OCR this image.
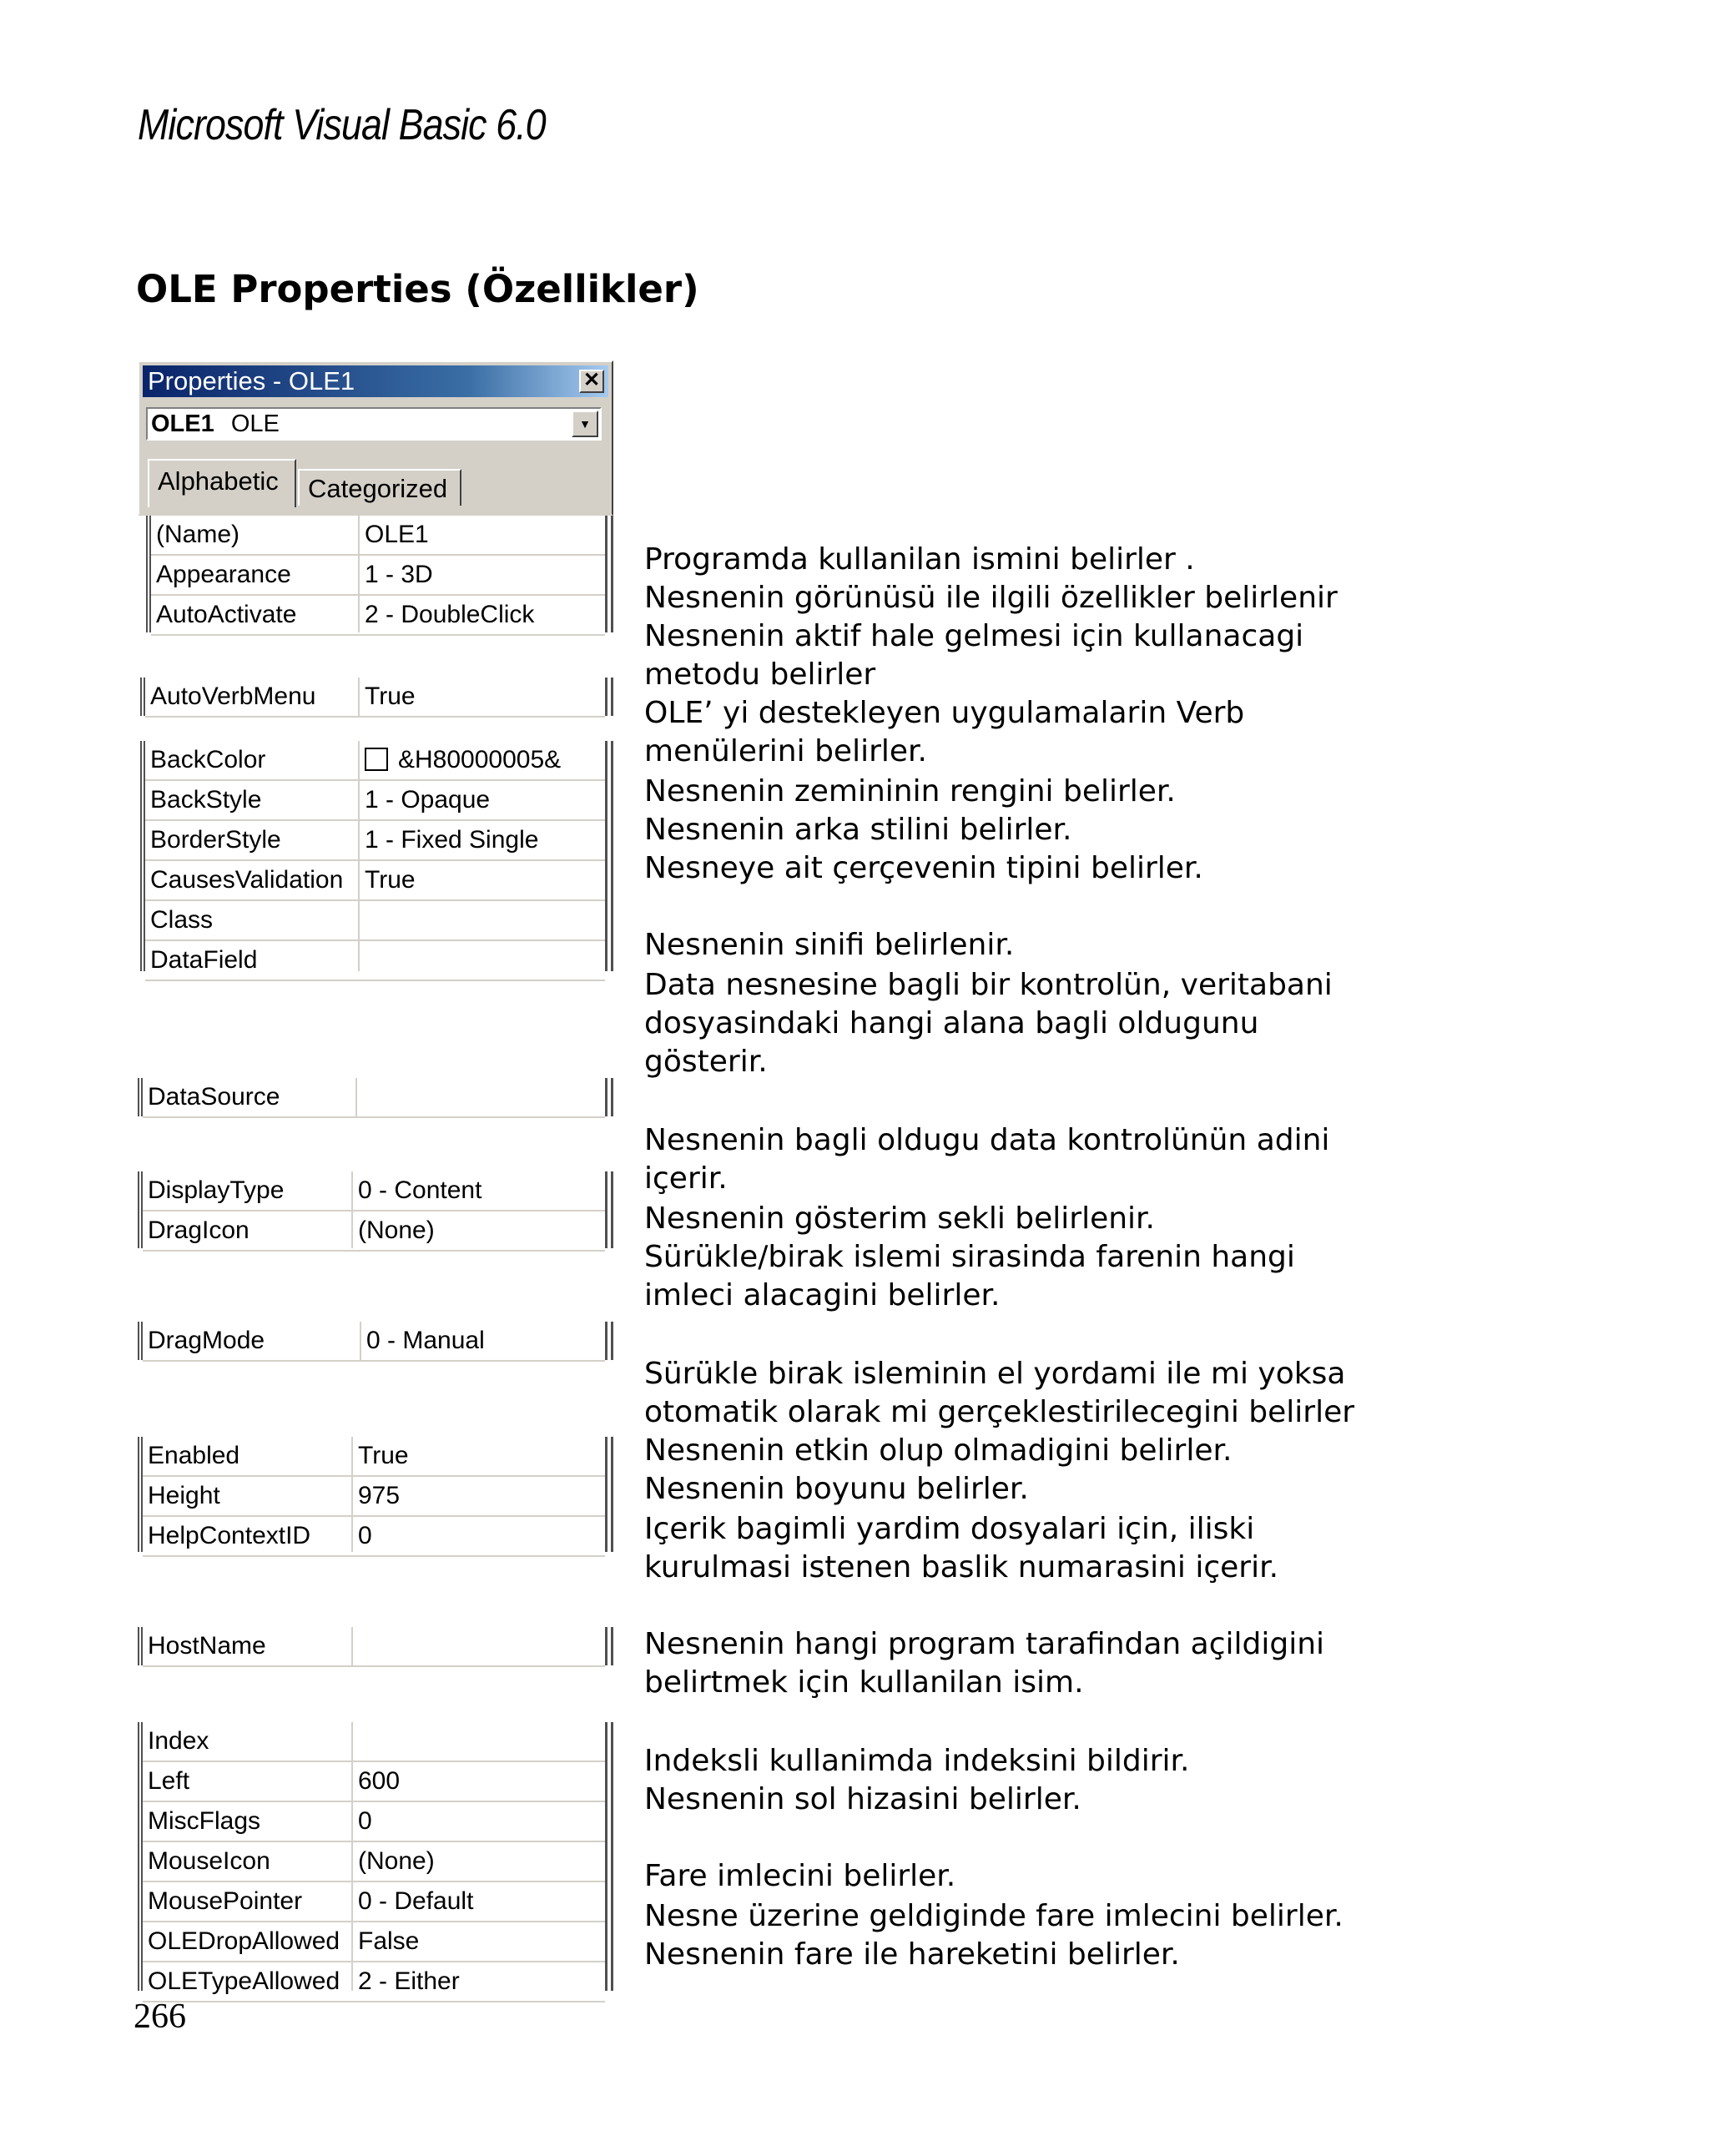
Microsoft Visual Basic 6.0
OLE Properties (Özellikler)
Properties - OLE1	✕
OLE1 OLE	▼
Alphabetic	Categorized
(Name)	OLE1
Appearance	1 - 3D
AutoActivate	2 - DoubleClick
AutoVerbMenu True
BackColor	&H80000005&
BackStyle	1 - Opaque
BorderStyle	1 - Fixed Single
CausesValidation True
Class
DataField
DataSource
DisplayType	0 - Content
DragIcon	(None)
DragMode	0 - Manual
Enabled	True
Height	975
HelpContextID 0
HostName
Index
Left	600
MiscFlags	0
MouseIcon	(None)
MousePointer 0 - Default
OLEDropAllowed False
OLETypeAllowed 2 - Either
Programda kullanilan ismini belirler .
Nesnenin görünüsü ile ilgili özellikler belirlenir
Nesnenin aktif hale gelmesi için kullanacagi
metodu belirler
OLE’ yi destekleyen uygulamalarin Verb
menülerini belirler.
Nesnenin zemininin rengini belirler.
Nesnenin arka stilini belirler.
Nesneye ait çerçevenin tipini belirler.
Nesnenin sinifi belirlenir.
Data nesnesine bagli bir kontrolün, veritabani
dosyasindaki hangi alana bagli oldugunu
gösterir.
Nesnenin bagli oldugu data kontrolünün adini
içerir.
Nesnenin gösterim sekli belirlenir.
Sürükle/birak islemi sirasinda farenin hangi
imleci alacagini belirler.
Sürükle birak isleminin el yordami ile mi yoksa
otomatik olarak mi gerçeklestirilecegini belirler
Nesnenin etkin olup olmadigini belirler.
Nesnenin boyunu belirler.
Içerik bagimli yardim dosyalari için, iliski
kurulmasi istenen baslik numarasini içerir.
Nesnenin hangi program tarafindan açildigini
belirtmek için kullanilan isim.
Indeksli kullanimda indeksini bildirir.
Nesnenin sol hizasini belirler.
Fare imlecini belirler.
Nesne üzerine geldiginde fare imlecini belirler.
Nesnenin fare ile hareketini belirler.
266
